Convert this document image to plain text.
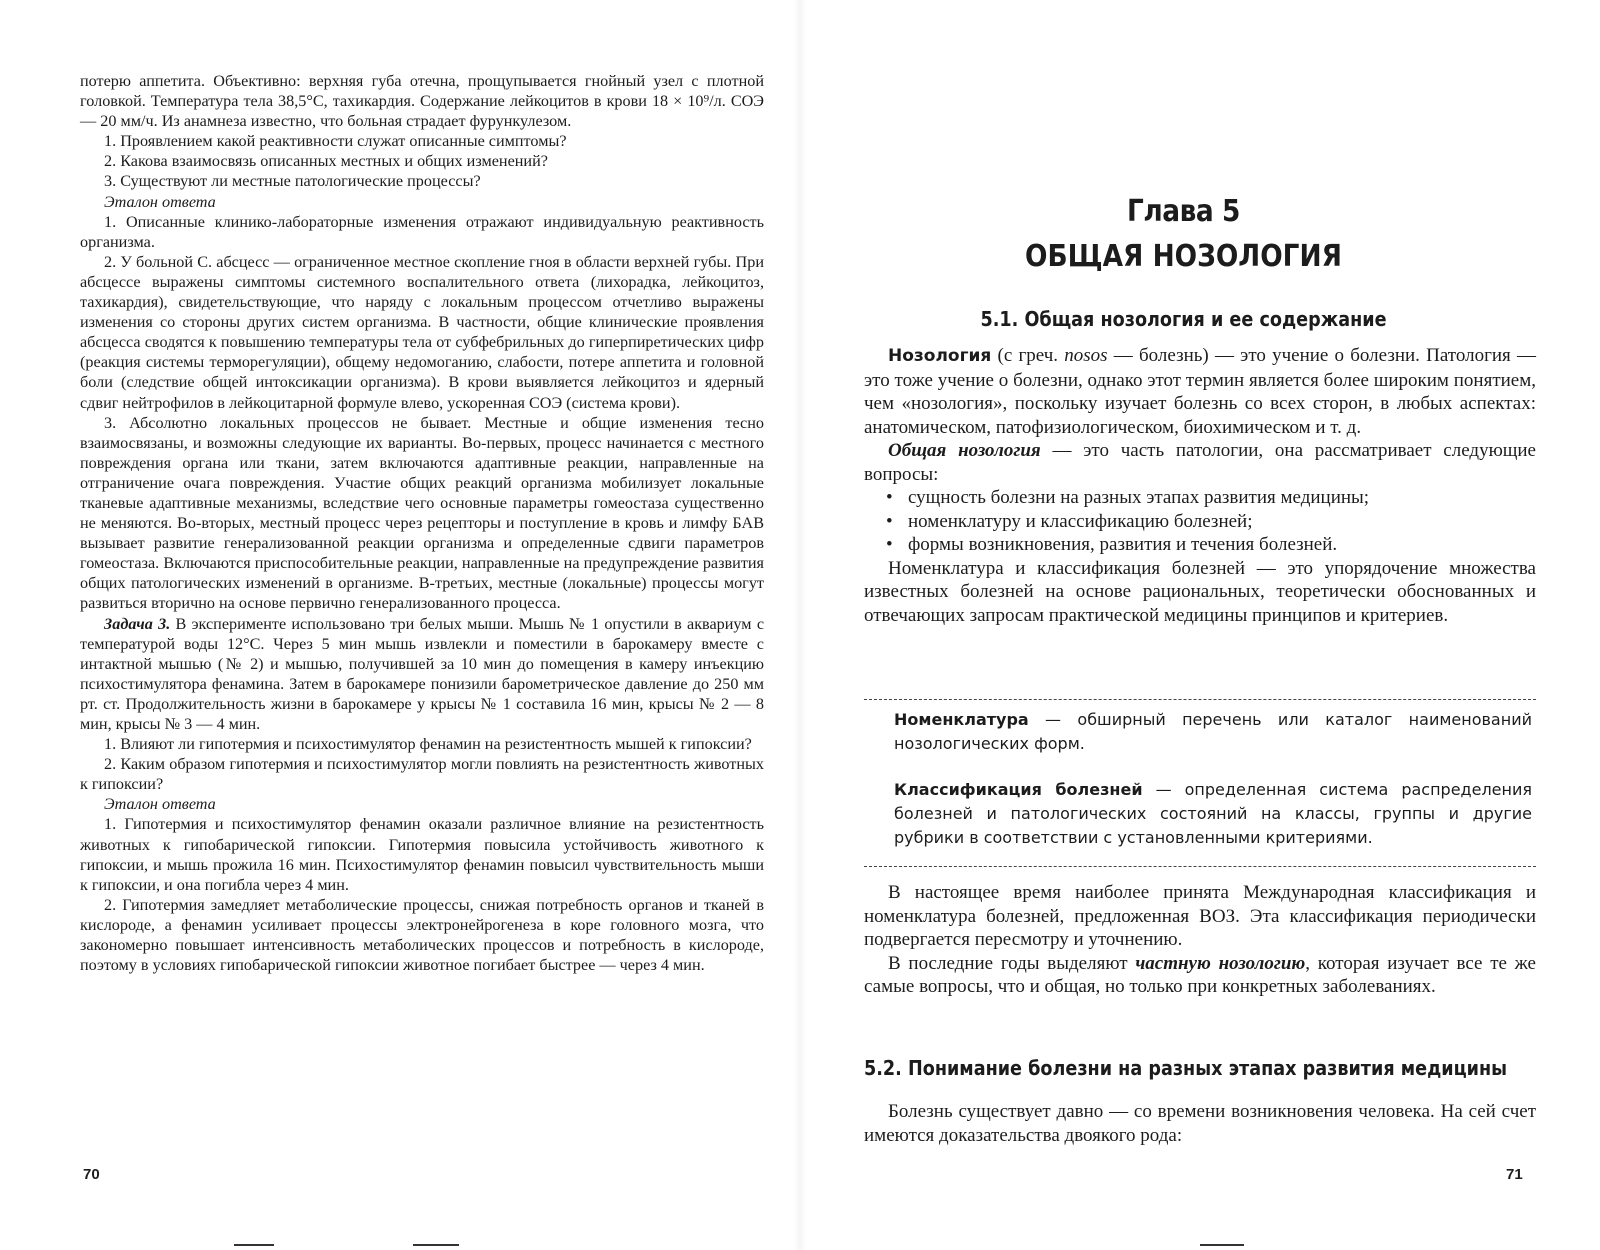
потерю аппетита. Объективно: верхняя губа отечна, прощупывается гнойный узел с плотной головкой. Температура тела 38,5°С, тахикардия. Содержание лейкоцитов в крови 18 × 10⁹/л. СОЭ — 20 мм/ч. Из анамнеза известно, что больная страдает фурункулезом.

1. Проявлением какой реактивности служат описанные симптомы?

2. Какова взаимосвязь описанных местных и общих изменений?

3. Существуют ли местные патологические процессы?

Эталон ответа

1. Описанные клинико-лабораторные изменения отражают индивидуальную реактивность организма.

2. У больной С. абсцесс — ограниченное местное скопление гноя в области верхней губы. При абсцессе выражены симптомы системного воспалительного ответа (лихорадка, лейкоцитоз, тахикардия), свидетельствующие, что наряду с локальным процессом отчетливо выражены изменения со стороны других систем организма. В частности, общие клинические проявления абсцесса сводятся к повышению температуры тела от субфебрильных до гиперпиретических цифр (реакция системы терморегуляции), общему недомоганию, слабости, потере аппетита и головной боли (следствие общей интоксикации организма). В крови выявляется лейкоцитоз и ядерный сдвиг нейтрофилов в лейкоцитарной формуле влево, ускоренная СОЭ (система крови).

3. Абсолютно локальных процессов не бывает. Местные и общие изменения тесно взаимосвязаны, и возможны следующие их варианты. Во-первых, процесс начинается с местного повреждения органа или ткани, затем включаются адаптивные реакции, направленные на отграничение очага повреждения. Участие общих реакций организма мобилизует локальные тканевые адаптивные механизмы, вследствие чего основные параметры гомеостаза существенно не меняются. Во-вторых, местный процесс через рецепторы и поступление в кровь и лимфу БАВ вызывает развитие генерализованной реакции организма и определенные сдвиги параметров гомеостаза. Включаются приспособительные реакции, направленные на предупреждение развития общих патологических изменений в организме. В-третьих, местные (локальные) процессы могут развиться вторично на основе первично генерализованного процесса.

Задача 3. В эксперименте использовано три белых мыши. Мышь № 1 опустили в аквариум с температурой воды 12°С. Через 5 мин мышь извлекли и поместили в барокамеру вместе с интактной мышью (№ 2) и мышью, получившей за 10 мин до помещения в камеру инъекцию психостимулятора фенамина. Затем в барокамере понизили барометрическое давление до 250 мм рт. ст. Продолжительность жизни в барокамере у крысы № 1 составила 16 мин, крысы № 2 — 8 мин, крысы № 3 — 4 мин.

1. Влияют ли гипотермия и психостимулятор фенамин на резистентность мышей к гипоксии?

2. Каким образом гипотермия и психостимулятор могли повлиять на резистентность животных к гипоксии?

Эталон ответа

1. Гипотермия и психостимулятор фенамин оказали различное влияние на резистентность животных к гипобарической гипоксии. Гипотермия повысила устойчивость животного к гипоксии, и мышь прожила 16 мин. Психостимулятор фенамин повысил чувствительность мыши к гипоксии, и она погибла через 4 мин.

2. Гипотермия замедляет метаболические процессы, снижая потребность органов и тканей в кислороде, а фенамин усиливает процессы электронейрогенеза в коре головного мозга, что закономерно повышает интенсивность метаболических процессов и потребность в кислороде, поэтому в условиях гипобарической гипоксии животное погибает быстрее — через 4 мин.

70
Глава 5
ОБЩАЯ НОЗОЛОГИЯ
5.1. Общая нозология и ее содержание

Нозология (с греч. nosos — болезнь) — это учение о болезни. Патология — это тоже учение о болезни, однако этот термин является более широким понятием, чем «нозология», поскольку изучает болезнь со всех сторон, в любых аспектах: анатомическом, патофизиологическом, биохимическом и т. д.

Общая нозология — это часть патологии, она рассматривает следующие вопросы:

• сущность болезни на разных этапах развития медицины;
• номенклатуру и классификацию болезней;
• формы возникновения, развития и течения болезней.

Номенклатура и классификация болезней — это упорядочение множества известных болезней на основе рациональных, теоретически обоснованных и отвечающих запросам практической медицины принципов и критериев.

Номенклатура — обширный перечень или каталог наименований нозологических форм.
Классификация болезней — определенная система распределения болезней и патологических состояний на классы, группы и другие рубрики в соответствии с установленными критериями.

В настоящее время наиболее принята Международная классификация и номенклатура болезней, предложенная ВОЗ. Эта классификация периодически подвергается пересмотру и уточнению.

В последние годы выделяют частную нозологию, которая изучает все те же самые вопросы, что и общая, но только при конкретных заболеваниях.

5.2. Понимание болезни на разных этапах развития медицины

Болезнь существует давно — со времени возникновения человека. На сей счет имеются доказательства двоякого рода:

71
